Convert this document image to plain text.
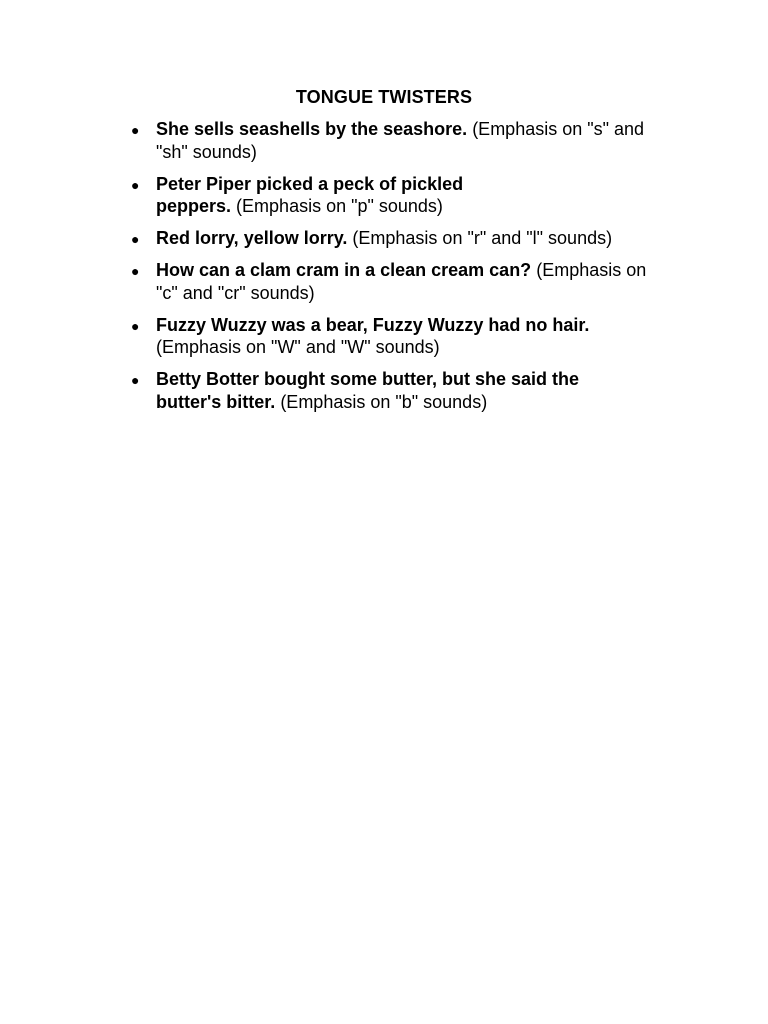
TONGUE TWISTERS
● She sells seashells by the seashore. (Emphasis on "s" and "sh" sounds)
● Peter Piper picked a peck of pickled peppers. (Emphasis on "p" sounds)
● Red lorry, yellow lorry. (Emphasis on "r" and "l" sounds)
● How can a clam cram in a clean cream can? (Emphasis on "c" and "cr" sounds)
● Fuzzy Wuzzy was a bear, Fuzzy Wuzzy had no hair. (Emphasis on "W" and "W" sounds)
● Betty Botter bought some butter, but she said the butter's bitter. (Emphasis on "b" sounds)
